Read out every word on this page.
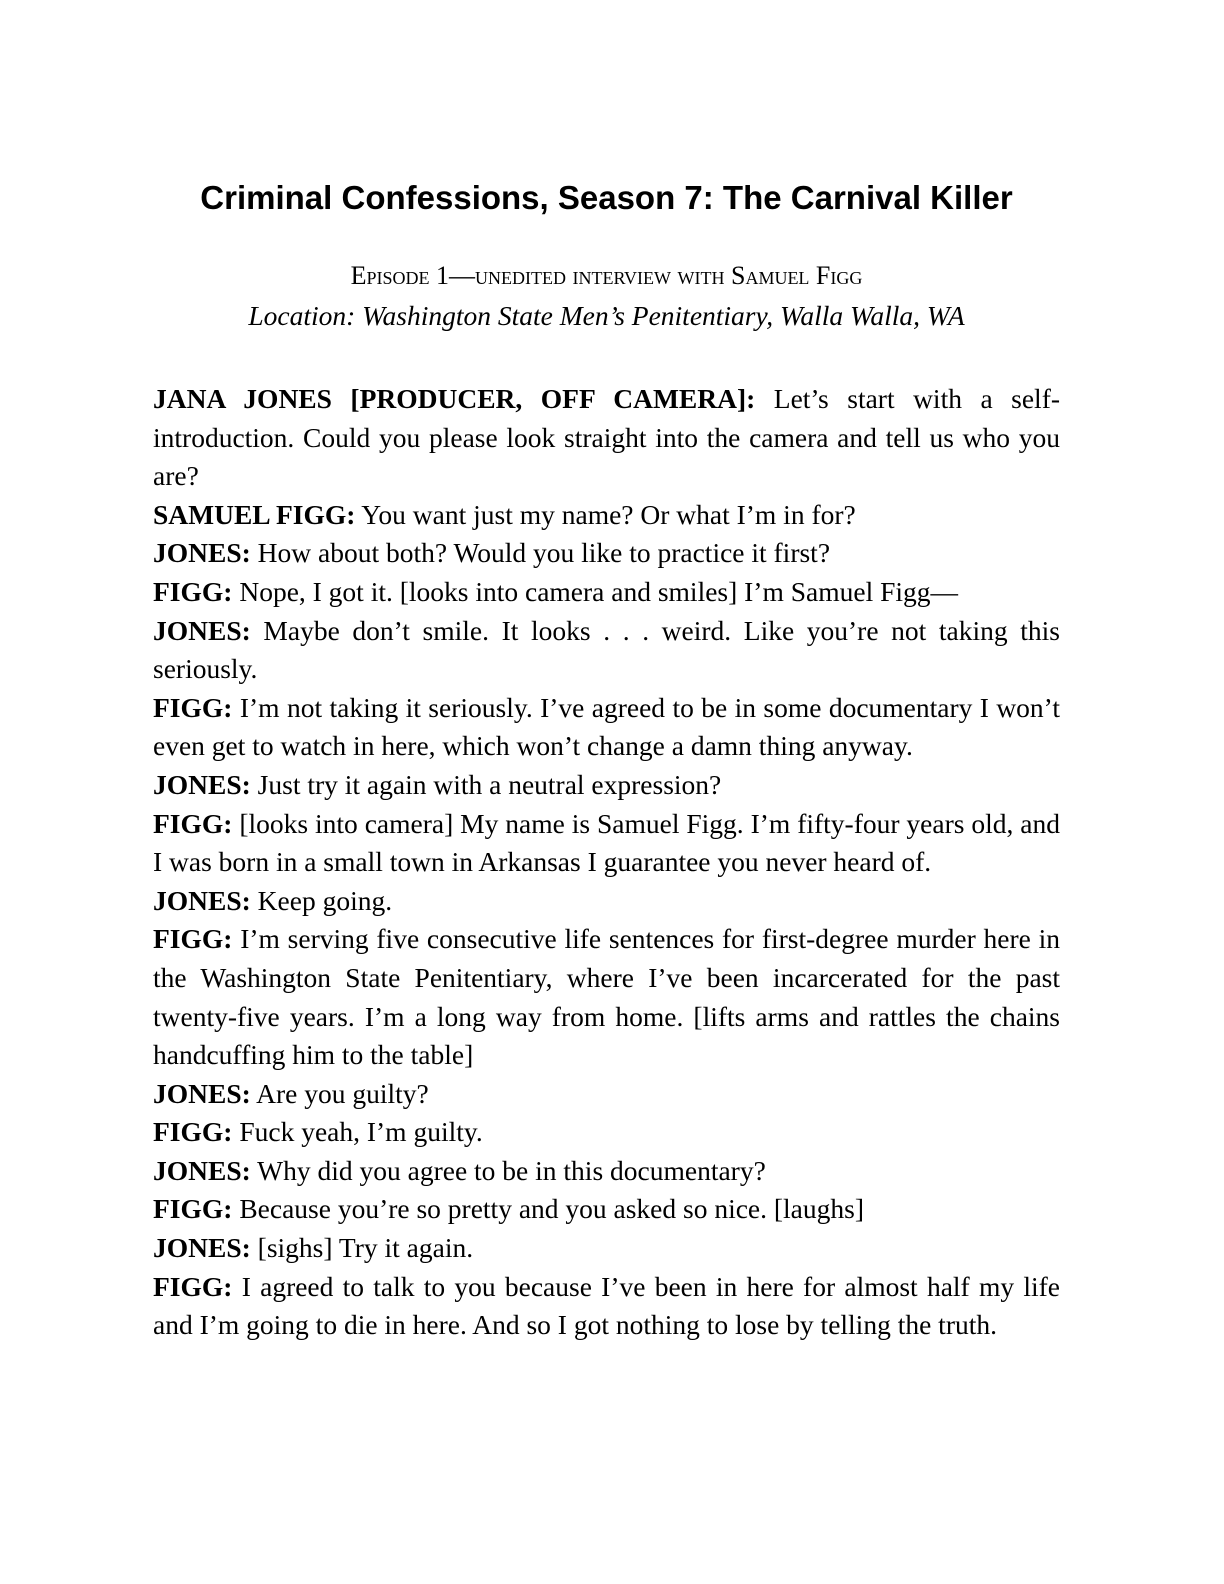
Criminal Confessions, Season 7: The Carnival Killer

Episode 1—unedited interview with Samuel Figg

Location: Washington State Men’s Penitentiary, Walla Walla, WA

JANA JONES [PRODUCER, OFF CAMERA]: Let’s start with a self-introduction. Could you please look straight into the camera and tell us who you are?

SAMUEL FIGG: You want just my name? Or what I’m in for?

JONES: How about both? Would you like to practice it first?

FIGG: Nope, I got it. [looks into camera and smiles] I’m Samuel Figg—

JONES: Maybe don’t smile. It looks . . . weird. Like you’re not taking this seriously.

FIGG: I’m not taking it seriously. I’ve agreed to be in some documentary I won’t even get to watch in here, which won’t change a damn thing anyway.

JONES: Just try it again with a neutral expression?

FIGG: [looks into camera] My name is Samuel Figg. I’m fifty-four years old, and I was born in a small town in Arkansas I guarantee you never heard of.

JONES: Keep going.

FIGG: I’m serving five consecutive life sentences for first-degree murder here in the Washington State Penitentiary, where I’ve been incarcerated for the past twenty-five years. I’m a long way from home. [lifts arms and rattles the chains handcuffing him to the table]

JONES: Are you guilty?

FIGG: Fuck yeah, I’m guilty.

JONES: Why did you agree to be in this documentary?

FIGG: Because you’re so pretty and you asked so nice. [laughs]

JONES: [sighs] Try it again.

FIGG: I agreed to talk to you because I’ve been in here for almost half my life and I’m going to die in here. And so I got nothing to lose by telling the truth.
